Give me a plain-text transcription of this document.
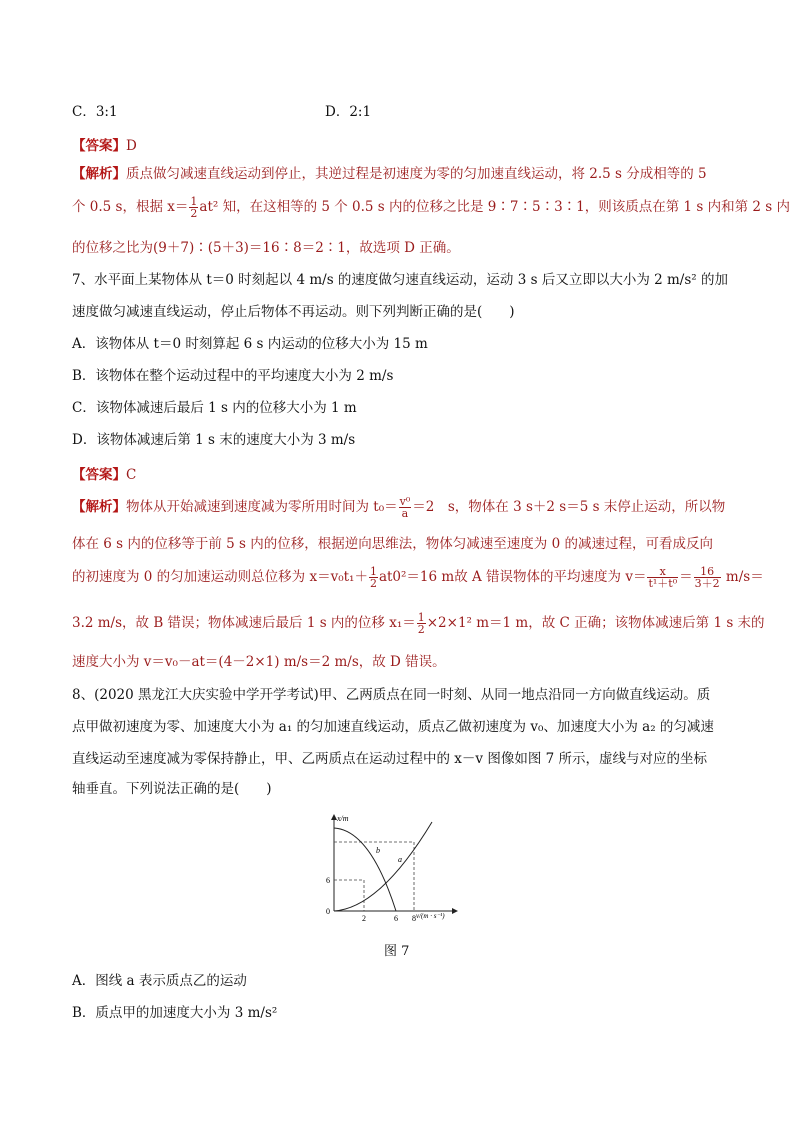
C．3:1	D．2:1
【答案】D
【解析】质点做匀减速直线运动到停止，其逆过程是初速度为零的匀加速直线运动，将 2.5 s 分成相等的 5
个 0.5 s，根据 $x= \frac{1}{2} at^2$ 知，在这相等的 5 个 0.5 s 内的位移之比是 9∶7∶5∶3∶1，则该质点在第 1 s 内和第 2 s 内
的位移之比为(9＋7)∶(5＋3)＝16∶8＝2∶1，故选项 D 正确。
7、水平面上某物体从 t＝0 时刻起以 4 m/s 的速度做匀速直线运动，运动 3 s 后又立即以大小为 2 m/s² 的加
速度做匀减速直线运动，停止后物体不再运动。则下列判断正确的是(　　)
A．该物体从 t＝0 时刻算起 6 s 内运动的位移大小为 15 m
B．该物体在整个运动过程中的平均速度大小为 2 m/s
C．该物体减速后最后 1 s 内的位移大小为 1 m
D．该物体减速后第 1 s 末的速度大小为 3 m/s
【答案】C
【解析】物体从开始减速到速度减为零所用时间为 $t_0= \frac{\text{v⁰}}{a} =2$　s，物体在 3 s＋2 s＝5 s 末停止运动，所以物
体在 6 s 内的位移等于前 5 s 内的位移，根据逆向思维法，物体匀减速至速度为 0 的减速过程，可看成反向
的初速度为 0 的匀加速运动则总位移为 $x=v_0t_1+ \frac{1}{2} at0^2=16$ m故 A 错误物体的平均速度为 $v= \frac{x}{\text{t¹＋t⁰}} = \frac{16}{3+2} m/s=$
3.2 m/s，故 B 错误；物体减速后最后 1 s 内的位移 $x_1= \frac{1}{2} \times 2\times 1^2$ m＝1 m，故 C 正确；该物体减速后第 1 s 末的
速度大小为 v＝v₀－at＝(4－2×1) m/s＝2 m/s，故 D 错误。
8、(2020 黑龙江大庆实验中学开学考试)甲、乙两质点在同一时刻、从同一地点沿同一方向做直线运动。质
点甲做初速度为零、加速度大小为 a₁ 的匀加速直线运动，质点乙做初速度为 v₀、加速度大小为 a₂ 的匀减速
直线运动至速度减为零保持静止，甲、乙两质点在运动过程中的 x－v 图像如图 7 所示，虚线与对应的坐标
轴垂直。下列说法正确的是(　　)
x/m
v/(m · s⁻¹)
0
6
2	6 8
a
b
图 7
A．图线 a 表示质点乙的运动
B．质点甲的加速度大小为 3 m/s²
